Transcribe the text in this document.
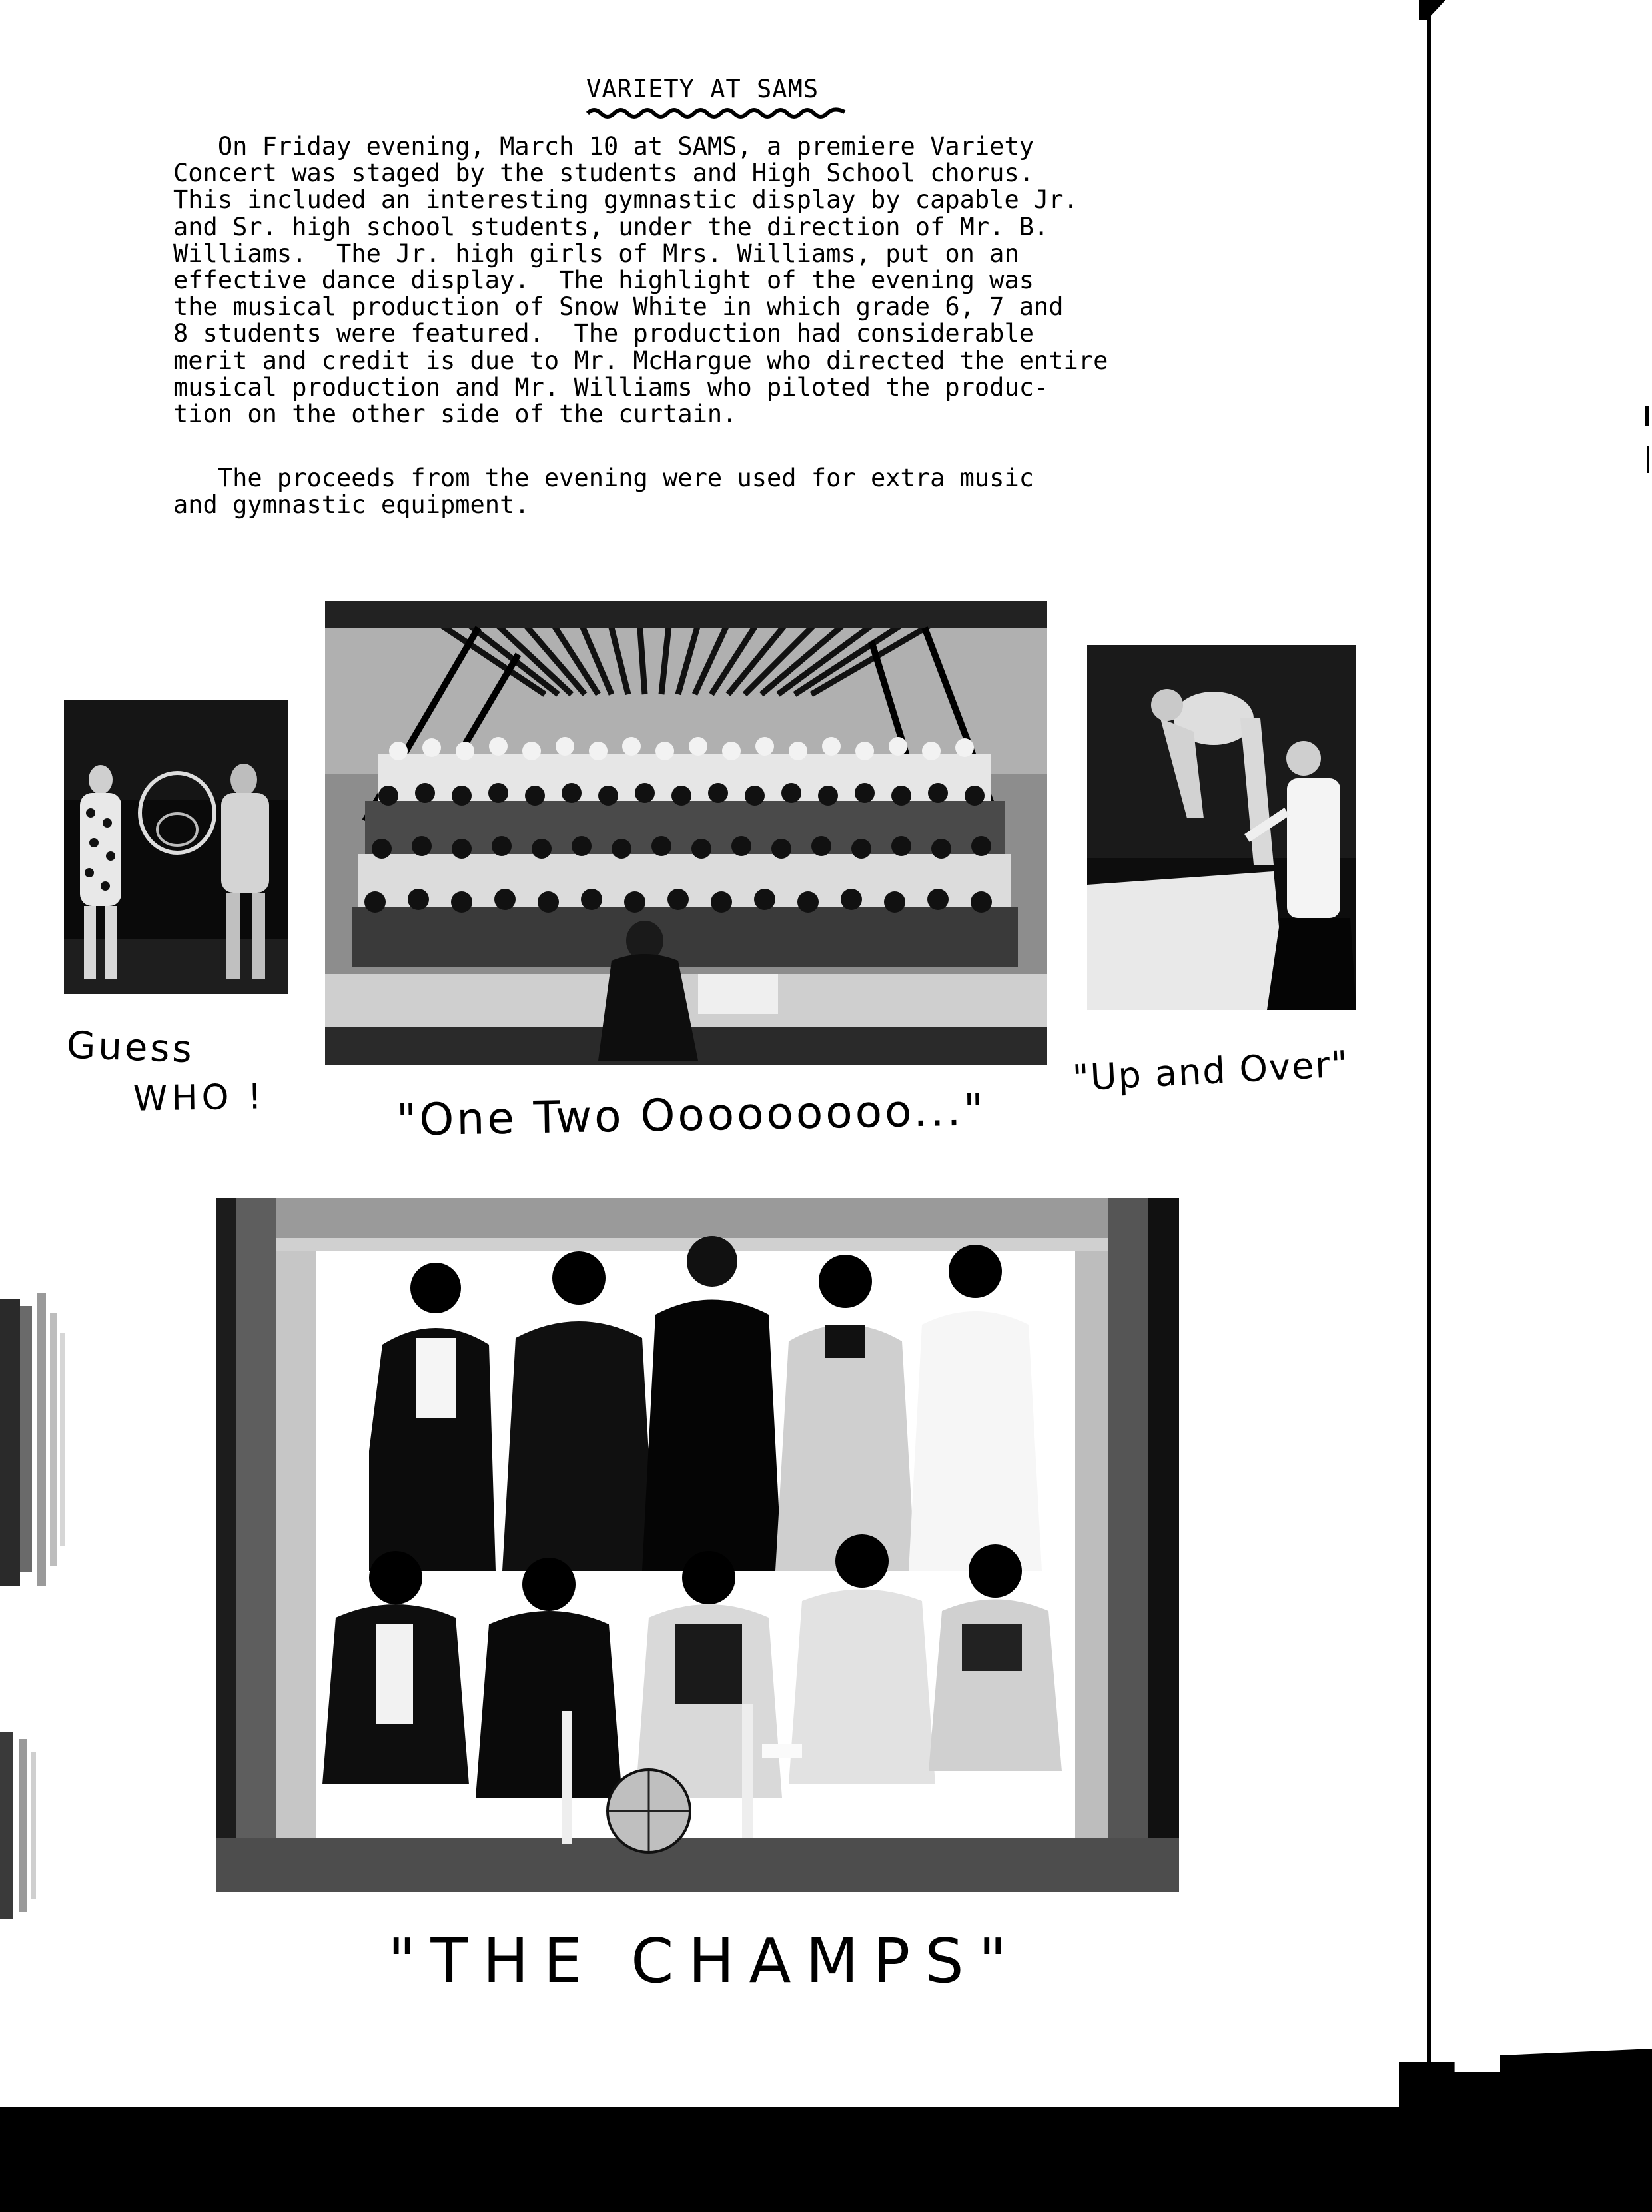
VARIETY AT SAMS
On Friday evening, March 10 at SAMS, a premiere Variety
Concert was staged by the students and High School chorus.
This included an interesting gymnastic display by capable Jr.
and Sr. high school students, under the direction of Mr. B.
Williams.  The Jr. high girls of Mrs. Williams, put on an
effective dance display.  The highlight of the evening was
the musical production of Snow White in which grade 6, 7 and
8 students were featured.  The production had considerable
merit and credit is due to Mr. McHargue who directed the entire
musical production and Mr. Williams who piloted the produc-
tion on the other side of the curtain.
The proceeds from the evening were used for extra music
and gymnastic equipment.
Guess
WHO !	"One Two Ooooooooo..."
"Up and Over"
"THE CHAMPS"
